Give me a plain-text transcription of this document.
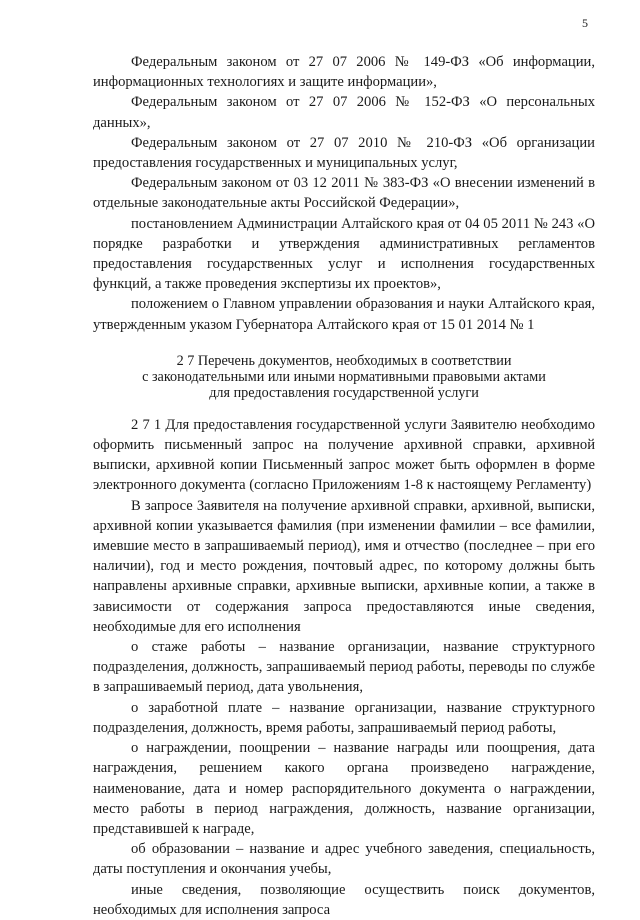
5

Федеральным законом от 27 07 2006 № 149-ФЗ «Об информации, информационных технологиях и защите информации»,

Федеральным законом от 27 07 2006 № 152-ФЗ «О персональных данных»,

Федеральным законом от 27 07 2010 № 210-ФЗ «Об организации предоставления государственных и муниципальных услуг,

Федеральным законом от 03 12 2011 № 383-ФЗ «О внесении изменений в отдельные законодательные акты Российской Федерации»,

постановлением Администрации Алтайского края от 04 05 2011 № 243 «О порядке разработки и утверждения административных регламентов предоставления государственных услуг и исполнения государственных функций, а также проведения экспертизы их проектов»,

положением о Главном управлении образования и науки Алтайского края, утвержденным указом Губернатора Алтайского края от 15 01 2014 № 1

2 7 Перечень документов, необходимых в соответствии
с законодательными или иными нормативными правовыми актами
для предоставления государственной услуги

2 7 1 Для предоставления государственной услуги Заявителю необходимо оформить письменный запрос на получение архивной справки, архивной выписки, архивной копии Письменный запрос может быть оформлен в форме электронного документа (согласно Приложениям 1-8 к настоящему Регламенту)

В запросе Заявителя на получение архивной справки, архивной, выписки, архивной копии указывается фамилия (при изменении фамилии – все фамилии, имевшие место в запрашиваемый период), имя и отчество (последнее – при его наличии), год и место рождения, почтовый адрес, по которому должны быть направлены архивные справки, архивные выписки, архивные копии, а также в зависимости от содержания запроса предоставляются иные сведения, необходимые для его исполнения

о стаже работы – название организации, название структурного подразделения, должность, запрашиваемый период работы, переводы по службе в запрашиваемый период, дата увольнения,

о заработной плате – название организации, название структурного подразделения, должность, время работы, запрашиваемый период работы,

о награждении, поощрении – название награды или поощрения, дата награждения, решением какого органа произведено награждение, наименование, дата и номер распорядительного документа о награждении, место работы в период награждения, должность, название организации, представившей к награде,

об образовании – название и адрес учебного заведения, специальность, даты поступления и окончания учебы,

иные сведения, позволяющие осуществить поиск документов, необходимых для исполнения запроса
